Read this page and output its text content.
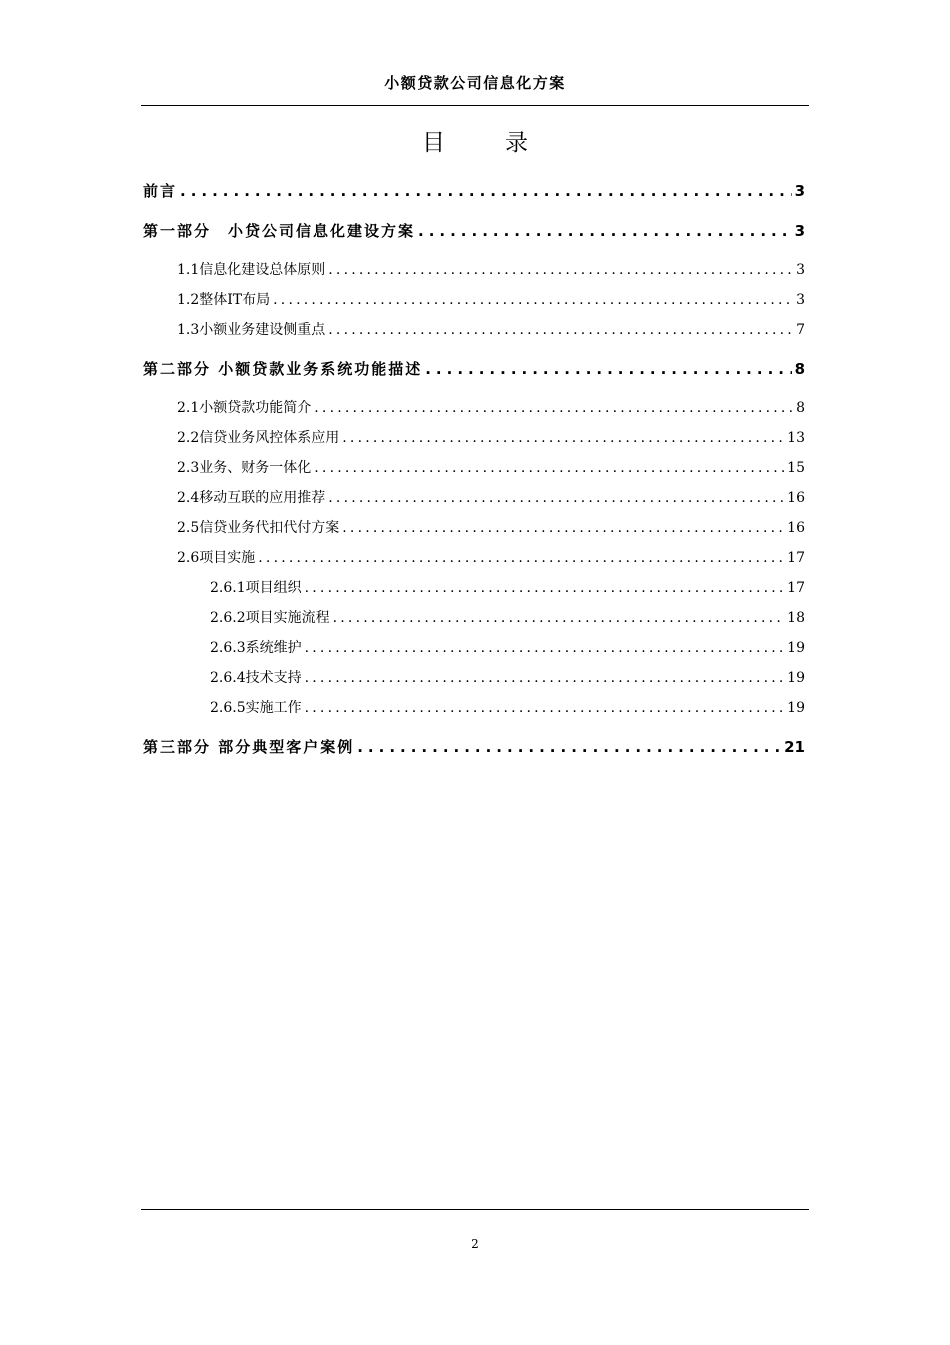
小额贷款公司信息化方案
目录
前言 .....	3
第一部分　小贷公司信息化建设方案 .....	3
1.1信息化建设总体原则 .....	3
1.2整体IT布局 .....	3
1.3小额业务建设侧重点 .....	7
第二部分 小额贷款业务系统功能描述 .....	8
2.1小额贷款功能简介 .....	8
2.2信贷业务风控体系应用 .....	13
2.3业务、财务一体化 .....	15
2.4移动互联的应用推荐 .....	16
2.5信贷业务代扣代付方案 .....	16
2.6项目实施 .....	17
2.6.1项目组织 .....	17
2.6.2项目实施流程 .....	18
2.6.3系统维护 .....	19
2.6.4技术支持 .....	19
2.6.5实施工作 .....	19
第三部分 部分典型客户案例 .....	21
2
